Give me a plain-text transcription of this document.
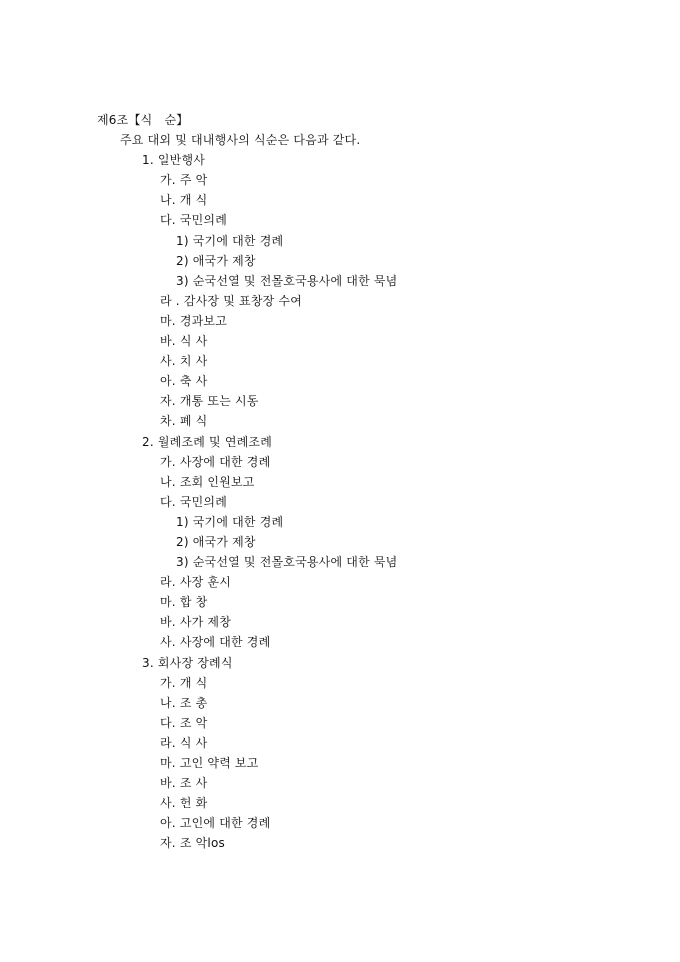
제6조【식   순】
주요 대외 및 대내행사의 식순은 다음과 같다.
1. 일반행사
가. 주 악
나. 개 식
다. 국민의례
1) 국기에 대한 경례
2) 애국가 제창
3) 순국선열 및 전몰호국용사에 대한 묵념
라 . 감사장 및 표창장 수여
마. 경과보고
바. 식 사
사. 치 사
아. 축 사
자. 개통 또는 시동
차. 폐 식
2. 월례조례 및 연례조례
가. 사장에 대한 경례
나. 조회 인원보고
다. 국민의례
1) 국기에 대한 경례
2) 애국가 제창
3) 순국선열 및 전몰호국용사에 대한 묵념
라. 사장 훈시
마. 합 창
바. 사가 제창
사. 사장에 대한 경례
3. 회사장 장례식
가. 개 식
나. 조 총
다. 조 악
라. 식 사
마. 고인 약력 보고
바. 조 사
사. 헌 화
아. 고인에 대한 경례
자. 조 악los
